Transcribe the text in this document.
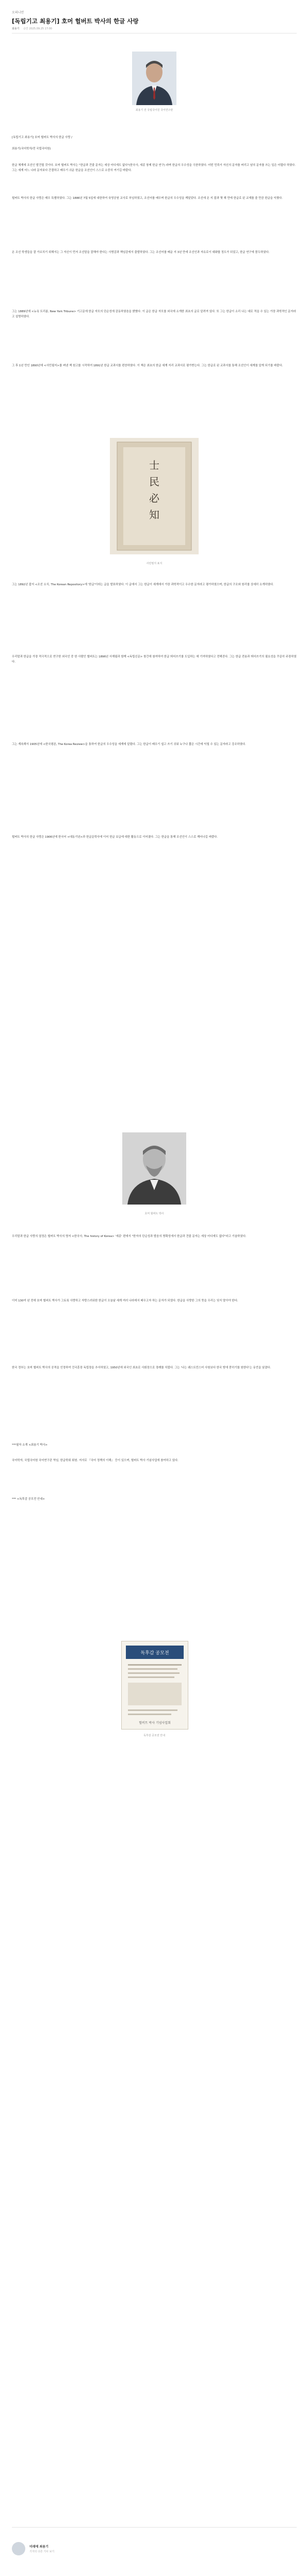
오피니언
[독립기고 최용기] 호머 헐버트 박사의 한글 사랑
최용기 승인 2025.09.25 17:00
최용기 전 국립국어원 국어연구관

[독립기고 최용기] 호머 헐버트 박사의 한글 사랑 /

최용기(국어학자/전 국립국어원)

한글 체계에 조선인 발견될 것이다. 호머 헐버트 박사는 "한글과 견줄 문자는 세상 어디에도 없다"(한국사, 세종 창제 한글 연구) 라며 한글의 우수성을 극찬하였다. 어떤 민족이 자신의 문자를 버리고 남의 문자를 쓰는 일은 어렵다 하였다. 그는 세계 어느 나라 문자보다 간결하고 배우기 쉬운 한글을 조선인이 스스로 소중히 여기길 바랐다.

헐버트 박사의 한글 사랑은 매우 특별하였다. 그는 1886년 7월 5일에 내한하여 육영공원 교사로 부임하였고, 조선어를 배우며 한글의 우수성을 깨달았다. 조선에 온 지 불과 몇 해 만에 한글로 된 교재를 쓸 만큼 한글을 익혔다.

온 조선 학생들을 잘 가르치기 위해서는 그 자신이 먼저 조선말을 잘해야 한다는 사명감과 책임감에서 출발하였다. 그는 조선어를 배운 지 3년 만에 조선인과 자유로이 대화할 정도가 되었고, 한글 연구에 몰두하였다.

그는 1889년에 <뉴욕 트리뷴, New York Tribune> 기고문에 한글 자모의 단순성에 감동하였음을 밝혔다. 이 글은 한글 자모를 외국에 소개한 최초의 글로 알려져 있다. 또 그는 한글이 소리 나는 대로 적을 수 있는 가장 과학적인 문자라고 설명하였다.

그 후 1년 만인 1890년에 <사민필지>를 펴낸 책 원고를 시작하여 1891년 한글 교과서를 편찬하였다. 이 책은 최초의 한글 세계 지리 교과서로 평가받는다. 그는 한글로 된 교과서를 통해 조선인이 세계를 알게 되기를 바랐다.

士
民
必
知
사민필지 표지

그는 1892년 잡지 <조선 소식, The Korean Repository>에 '한글'이라는 글을 발표하였다. 이 글에서 그는 한글이 세계에서 가장 과학적이고 우수한 문자라고 평가하였으며, 한글의 구조와 원리를 상세히 소개하였다.

우리말과 한글을 가장 적극적으로 연구한 외국인 중 한 사람인 헐버트는 1896년 서재필과 함께 <독립신문> 창간에 참여하여 한글 띄어쓰기를 도입하는 데 기여하였다고 전해진다. 그는 한글 전용과 띄어쓰기의 필요성을 꾸준히 주장하였다.

그는 계속해서 1905년에 <한국평론, The Korea Review>을 통하여 한글의 우수성을 세계에 알렸다. 그는 한글이 배우기 쉽고 쓰기 쉬워 누구나 짧은 시간에 익힐 수 있는 문자라고 강조하였다.

헐버트 박사의 한글 사랑은 1906년에 한국어 <대동기년>과 한글문학사에 이어 한글 보급에 대한 활동으로 이어졌다. 그는 한글을 통해 조선인이 스스로 깨어나길 바랐다.

호머 헐버트 박사

우리말과 한글 사랑의 열정은 헐버트 박사의 명저 <한국사, The history of Korea> '세종' 편에서 "한자의 단순성과 발음의 명확성에서 한글과 견줄 문자는 세상 어디에도 없다"라고 기술하였다.

이미 130여 년 전에 호머 헐버트 박사가 그토록 사랑하고 자랑스러워한 한글이 오늘날 세계 여러 나라에서 배우고자 하는 문자가 되었다. 한글을 사랑한 그의 뜻을 우리는 잊지 말아야 한다.

한국 정부는 호머 헐버트 박사의 공적을 인정하여 건국훈장 독립장을 추서하였고, 1950년에 외국인 최초로 사회장으로 장례를 치렀다. 그는 '나는 웨스트민스터 사원보다 한국 땅에 묻히기를 원한다'는 유언을 남겼다.

***필자 소개 <최용기 박사>

국어학자, 국립국어원 국어연구관 역임, 한글학회 회원. 저서로 『국어 정책의 이해』 등이 있으며, 헐버트 박사 기념사업에 참여하고 있다.

*** <독후감 공모전 안내>

독후감 공모전
헐버트 박사 기념사업회
독후감 공모전 안내
미래에 최용기
기자의 다른 기사 보기
